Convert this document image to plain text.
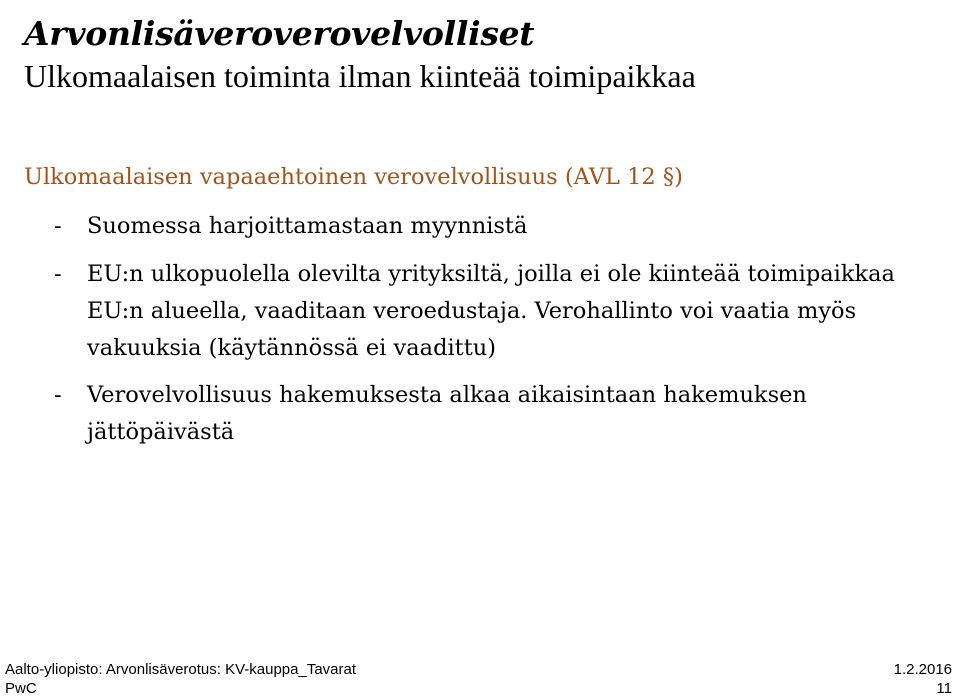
Arvonlisäveroverovelvolliset
Ulkomaalaisen toiminta ilman kiinteää toimipaikkaa
Ulkomaalaisen vapaaehtoinen verovelvollisuus (AVL 12 §)
- Suomessa harjoittamastaan myynnistä
- EU:n ulkopuolella olevilta yrityksiltä, joilla ei ole kiinteää toimipaikkaa EU:n alueella, vaaditaan veroedustaja. Verohallinto voi vaatia myös vakuuksia (käytännössä ei vaadittu)
- Verovelvollisuus hakemuksesta alkaa aikaisintaan hakemuksen jättöpäivästä
Aalto-yliopisto: Arvonlisäverotus: KV-kauppa_Tavarat
PwC
1.2.2016
11
